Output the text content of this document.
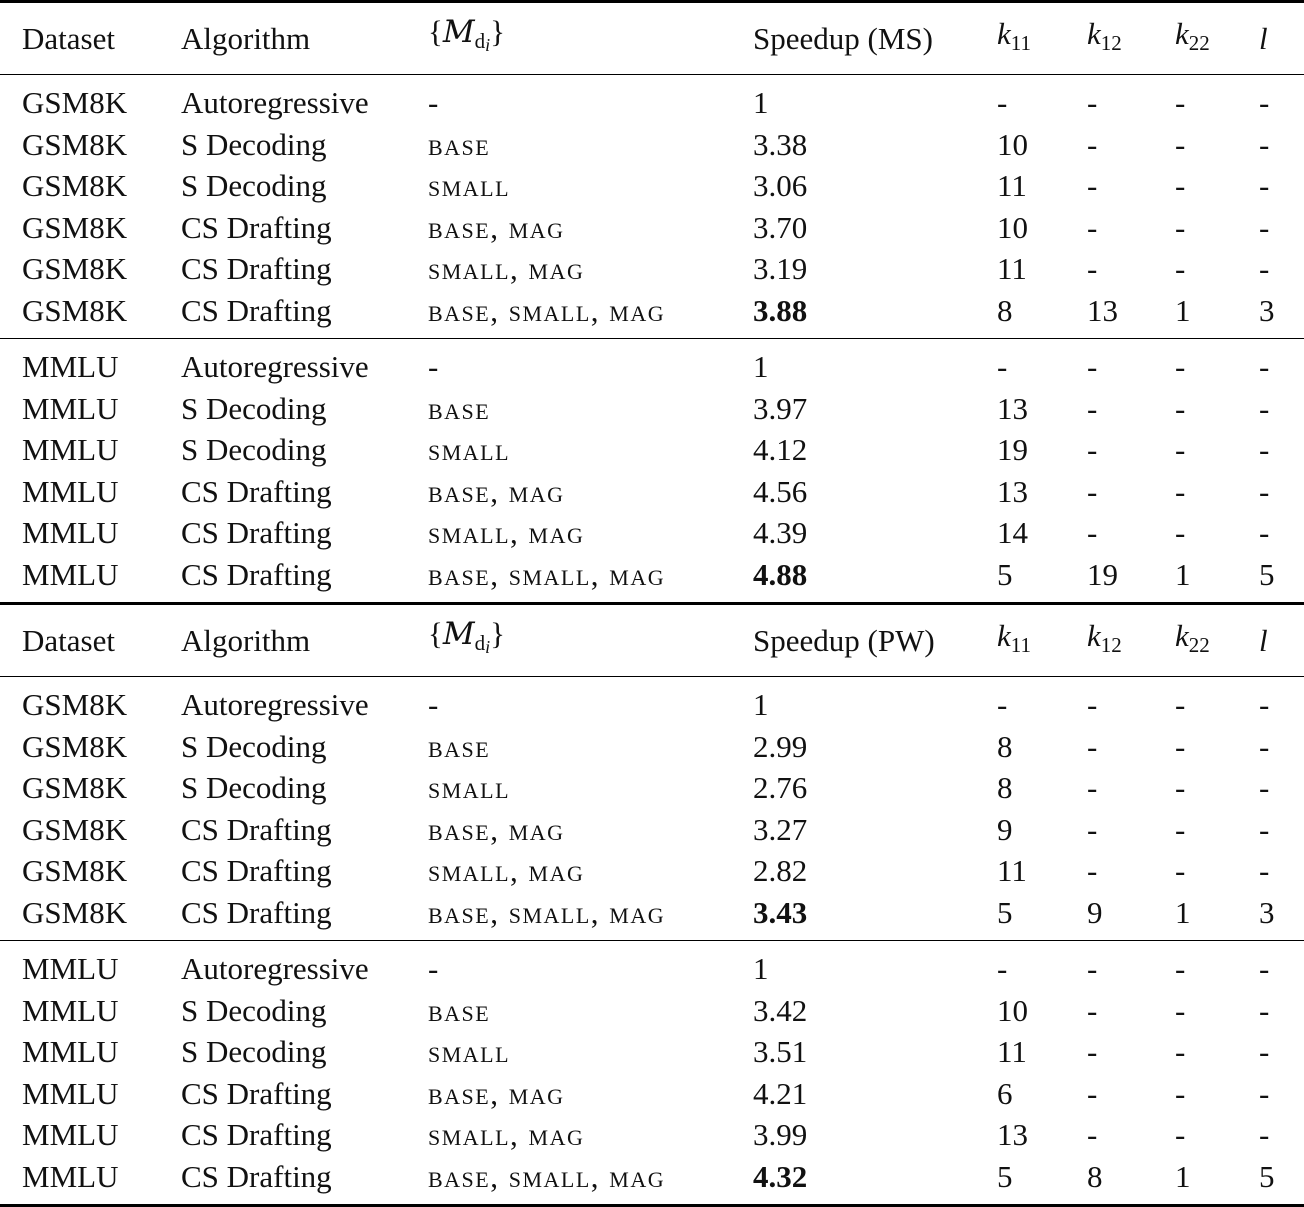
Dataset	Algorithm	$\{M_{di}\}$	Speedup (MS)	$k_{11}$	$k_{12}$	$k_{22}$	l
GSM8K	Autoregressive	-	1	-	-	-	-
GSM8K	S Decoding	base	3.38	10	-	-	-
GSM8K	S Decoding	small	3.06	11	-	-	-
GSM8K	CS Drafting	base, mag	3.70	10	-	-	-
GSM8K	CS Drafting	small, mag	3.19	11	-	-	-
GSM8K	CS Drafting	base, small, mag	3.88	8	13	1	3
MMLU	Autoregressive	-	1	-	-	-	-
MMLU	S Decoding	base	3.97	13	-	-	-
MMLU	S Decoding	small	4.12	19	-	-	-
MMLU	CS Drafting	base, mag	4.56	13	-	-	-
MMLU	CS Drafting	small, mag	4.39	14	-	-	-
MMLU	CS Drafting	base, small, mag	4.88	5	19	1	5
Dataset	Algorithm	$\{M_{di}\}$	Speedup (PW)	$k_{11}$	$k_{12}$	$k_{22}$	l
GSM8K	Autoregressive	-	1	-	-	-	-
GSM8K	S Decoding	base	2.99	8	-	-	-
GSM8K	S Decoding	small	2.76	8	-	-	-
GSM8K	CS Drafting	base, mag	3.27	9	-	-	-
GSM8K	CS Drafting	small, mag	2.82	11	-	-	-
GSM8K	CS Drafting	base, small, mag	3.43	5	9	1	3
MMLU	Autoregressive	-	1	-	-	-	-
MMLU	S Decoding	base	3.42	10	-	-	-
MMLU	S Decoding	small	3.51	11	-	-	-
MMLU	CS Drafting	base, mag	4.21	6	-	-	-
MMLU	CS Drafting	small, mag	3.99	13	-	-	-
MMLU	CS Drafting	base, small, mag	4.32	5	8	1	5
